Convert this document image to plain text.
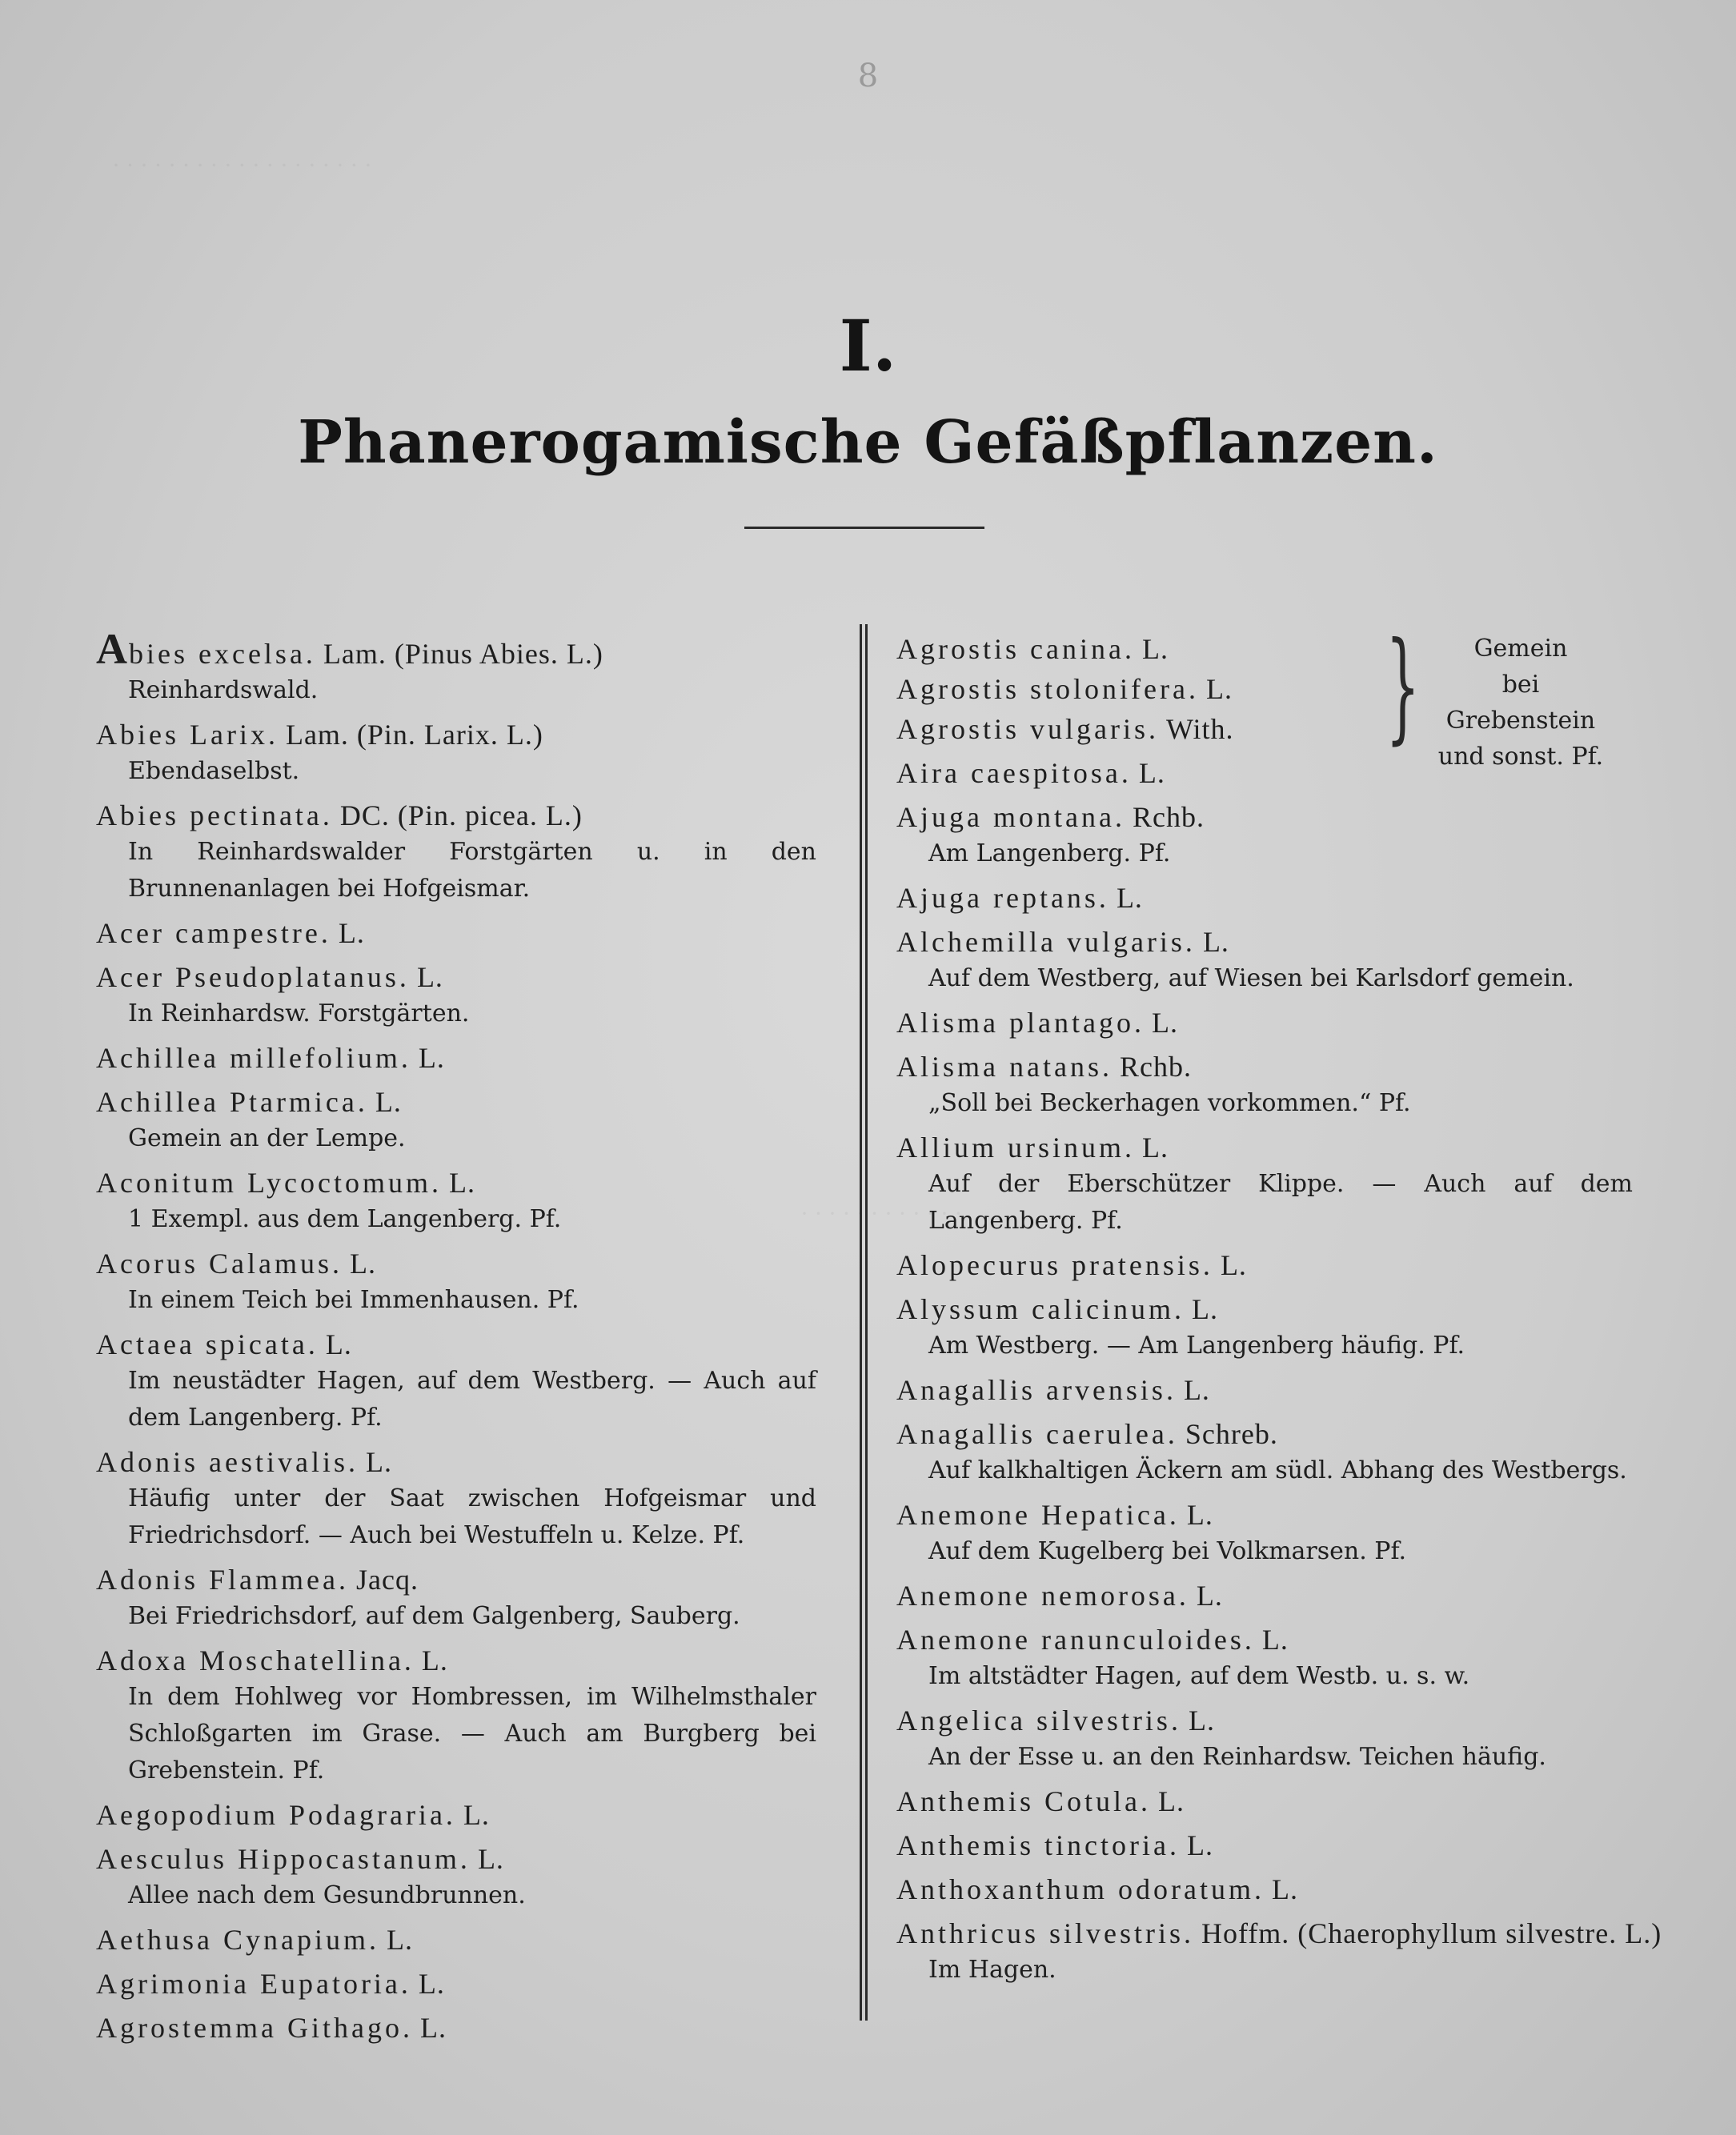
· · · · · · · · · · · · · · · · · · ·
· · · · · · · · · · · ·
8
I.
Phanerogamische Gefäßpflanzen.
Abies excelsa. Lam. (Pinus Abies. L.)
Reinhardswald.
Abies Larix. Lam. (Pin. Larix. L.)
Ebendaselbst.
Abies pectinata. DC. (Pin. picea. L.)
In Reinhardswalder Forstgärten u. in den Brunnenanlagen bei Hofgeismar.
Acer campestre. L.
Acer Pseudoplatanus. L.
In Reinhardsw. Forstgärten.
Achillea millefolium. L.
Achillea Ptarmica. L.
Gemein an der Lempe.
Aconitum Lycoctomum. L.
1 Exempl. aus dem Langenberg. Pf.
Acorus Calamus. L.
In einem Teich bei Immenhausen. Pf.
Actaea spicata. L.
Im neustädter Hagen, auf dem Westberg. — Auch auf dem Langenberg. Pf.
Adonis aestivalis. L.
Häufig unter der Saat zwischen Hofgeismar und Friedrichsdorf. — Auch bei Westuffeln u. Kelze. Pf.
Adonis Flammea. Jacq.
Bei Friedrichsdorf, auf dem Galgenberg, Sauberg.
Adoxa Moschatellina. L.
In dem Hohlweg vor Hombressen, im Wilhelmsthaler Schloßgarten im Grase. — Auch am Burgberg bei Grebenstein. Pf.
Aegopodium Podagraria. L.
Aesculus Hippocastanum. L.
Allee nach dem Gesundbrunnen.
Aethusa Cynapium. L.
Agrimonia Eupatoria. L.
Agrostemma Githago. L.
Agrostis canina. L.
Agrostis stolonifera. L.
Agrostis vulgaris. With.	}	Gemein
bei Grebenstein
und sonst. Pf.
Aira caespitosa. L.
Ajuga montana. Rchb.
Am Langenberg. Pf.
Ajuga reptans. L.
Alchemilla vulgaris. L.
Auf dem Westberg, auf Wiesen bei Karlsdorf gemein.
Alisma plantago. L.
Alisma natans. Rchb.
„Soll bei Beckerhagen vorkommen.“ Pf.
Allium ursinum. L.
Auf der Eberschützer Klippe. — Auch auf dem Langenberg. Pf.
Alopecurus pratensis. L.
Alyssum calicinum. L.
Am Westberg. — Am Langenberg häufig. Pf.
Anagallis arvensis. L.
Anagallis caerulea. Schreb.
Auf kalkhaltigen Äckern am südl. Abhang des Westbergs.
Anemone Hepatica. L.
Auf dem Kugelberg bei Volkmarsen. Pf.
Anemone nemorosa. L.
Anemone ranunculoides. L.
Im altstädter Hagen, auf dem Westb. u. s. w.
Angelica silvestris. L.
An der Esse u. an den Reinhardsw. Teichen häufig.
Anthemis Cotula. L.
Anthemis tinctoria. L.
Anthoxanthum odoratum. L.
Anthricus silvestris. Hoffm. (Chaerophyllum silvestre. L.)
Im Hagen.
